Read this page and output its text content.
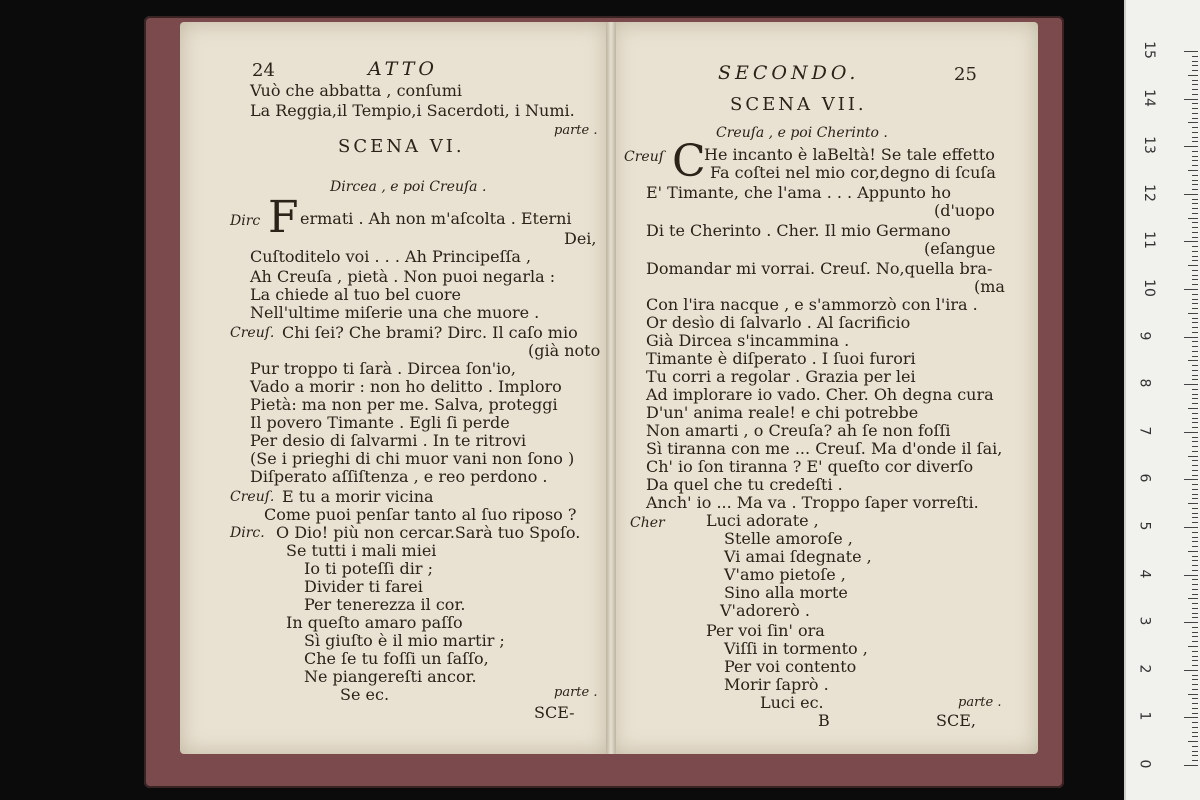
24	ATTO
Vuò che abbatta , conſumi
La Reggia,il Tempio,i Sacerdoti, i Numi.
parte .
SCENA VI.
Dircea , e poi Creuſa .
Dirc F ermati . Ah non m'aſcolta . Eterni
Dei,
Cuſtoditelo voi . . . Ah Principeſſa ,
Ah Creuſa , pietà . Non puoi negarla :
La chiede al tuo bel cuore
Nell'ultime miſerie una che muore .
Creuſ. Chi ſei? Che brami? Dirc. Il caſo mio
(già noto
Pur troppo ti ſarà . Dircea ſon'io,
Vado a morir : non ho delitto . Imploro
Pietà: ma non per me. Salva, proteggi
Il povero Timante . Egli ſi perde
Per desio di ſalvarmi . In te ritrovi
(Se i prieghi di chi muor vani non ſono )
Diſperato aſſiſtenza , e reo perdono .
Creuſ. E tu a morir vicina
Come puoi penſar tanto al ſuo riposo ?
Dirc. O Dio! più non cercar.Sarà tuo Spoſo.
Se tutti i mali miei
Io ti poteſſi dir ;
Divider ti farei
Per tenerezza il cor.
In queſto amaro paſſo
Sì giuſto è il mio martir ;
Che ſe tu foſſi un ſaſſo,
Ne piangereſti ancor.
Se ec.	parte .
SCE-
SECONDO.	25
SCENA VII.
Creuſa , e poi Cherinto .
Creuſ C
He incanto è laBeltà! Se tale effetto
Fa coſtei nel mio cor,degno di ſcuſa
E' Timante, che l'ama . . . Appunto ho
(d'uopo
Di te Cherinto . Cher. Il mio Germano
(eſangue
Domandar mi vorrai. Creuſ. No,quella bra-
(ma
Con l'ira nacque , e s'ammorzò con l'ira .
Or desìo di ſalvarlo . Al ſacrificio
Già Dircea s'incammina .
Timante è diſperato . I ſuoi furori
Tu corri a regolar . Grazia per lei
Ad implorare io vado. Cher. Oh degna cura
D'un' anima reale! e chi potrebbe
Non amarti , o Creuſa? ah ſe non foſſi
Sì tiranna con me ... Creuſ. Ma d'onde il ſai,
Ch' io ſon tiranna ? E' queſto cor diverſo
Da quel che tu credeſti .
Anch' io ... Ma va . Troppo ſaper vorreſti.
Cher	Luci adorate ,
Stelle amoroſe ,
Vi amai ſdegnate ,
V'amo pietoſe ,
Sino alla morte
V'adorerò .
Per voi ſin' ora
Viſſi in tormento ,
Per voi contento
Morir ſaprò .
Luci ec.	parte .
B	SCE,
0
1
2
3
4
5
6
7
8
9
10
11
12
13
14
15
